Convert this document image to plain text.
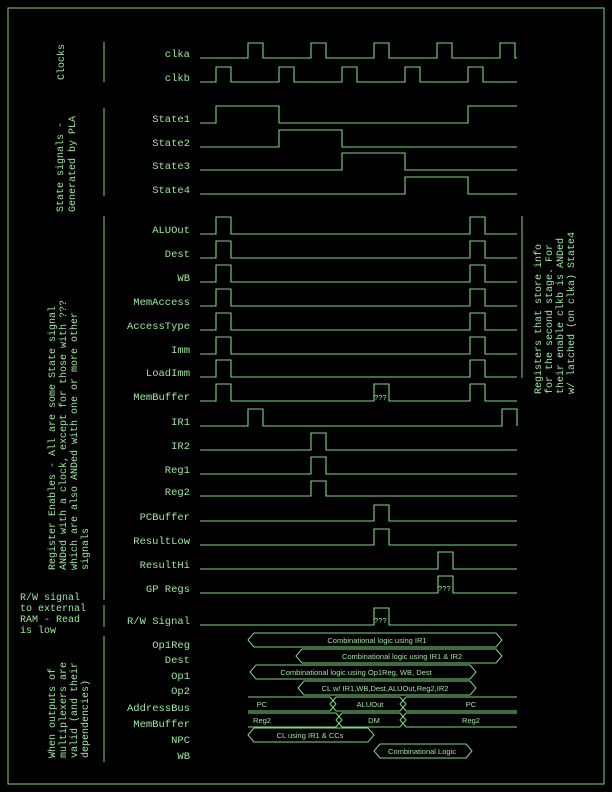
Clocks
State signals - Generated by PLA
Register Enables - All are some State signal ANDed with a clock, except for those with ??? which are also ANDed with one or more other signals
R/W signal
to external
RAM - Read
is low
When outputs of multiplexers are valid (and their dependencies)
Registers that store info for the second stage. For their enable clkb is ANDed w/ latched (on clka) State4
clka
clkb
State1
State2
State3
State4
ALUOut
Dest
WB
MemAccess
AccessType
Imm
LoadImm
MemBuffer
IR1
IR2
Reg1
Reg2
PCBuffer
ResultLow
ResultHi
GP Regs
R/W Signal
???
???
???
Op1Reg
Dest
Op1
Op2
AddressBus
MemBuffer
NPC
WB
Combinational logic using IR1
Combinational logic using IR1 & IR2
Combinational logic using Op1Reg, WB, Dest
CL w/ IR1,WB,Dest,ALUOut,Reg2,IR2
PC	ALUOut	PC
Reg2	DM	Reg2
CL using IR1 & CCs
Combinational Logic
